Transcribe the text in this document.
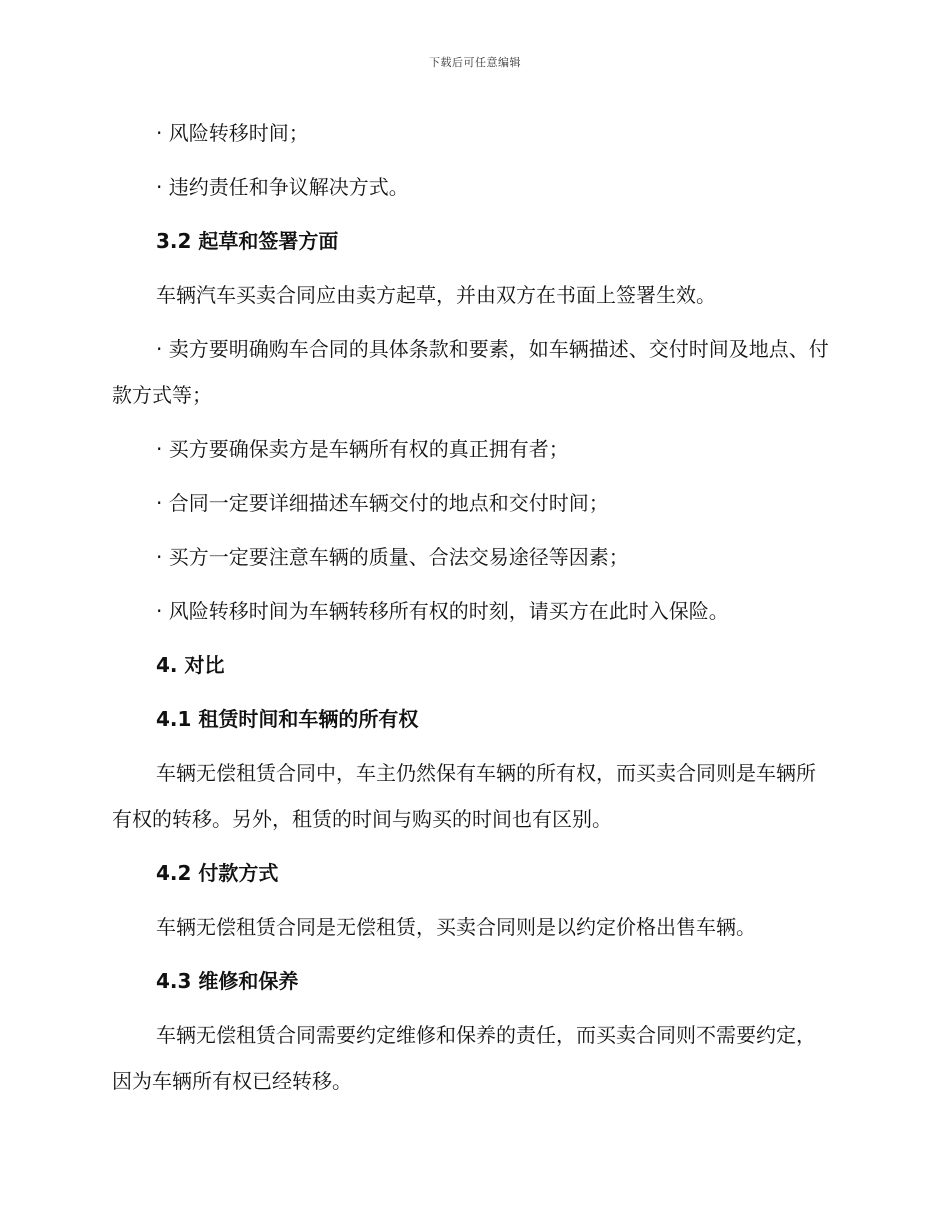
下载后可任意编辑

· 风险转移时间；

· 违约责任和争议解决方式。

3.2 起草和签署方面

车辆汽车买卖合同应由卖方起草，并由双方在书面上签署生效。

· 卖方要明确购车合同的具体条款和要素，如车辆描述、交付时间及地点、付款方式等；

· 买方要确保卖方是车辆所有权的真正拥有者；

· 合同一定要详细描述车辆交付的地点和交付时间；

· 买方一定要注意车辆的质量、合法交易途径等因素；

· 风险转移时间为车辆转移所有权的时刻，请买方在此时入保险。

4. 对比
4.1 租赁时间和车辆的所有权

车辆无偿租赁合同中，车主仍然保有车辆的所有权，而买卖合同则是车辆所有权的转移。另外，租赁的时间与购买的时间也有区别。

4.2 付款方式

车辆无偿租赁合同是无偿租赁，买卖合同则是以约定价格出售车辆。

4.3 维修和保养

车辆无偿租赁合同需要约定维修和保养的责任，而买卖合同则不需要约定，因为车辆所有权已经转移。
